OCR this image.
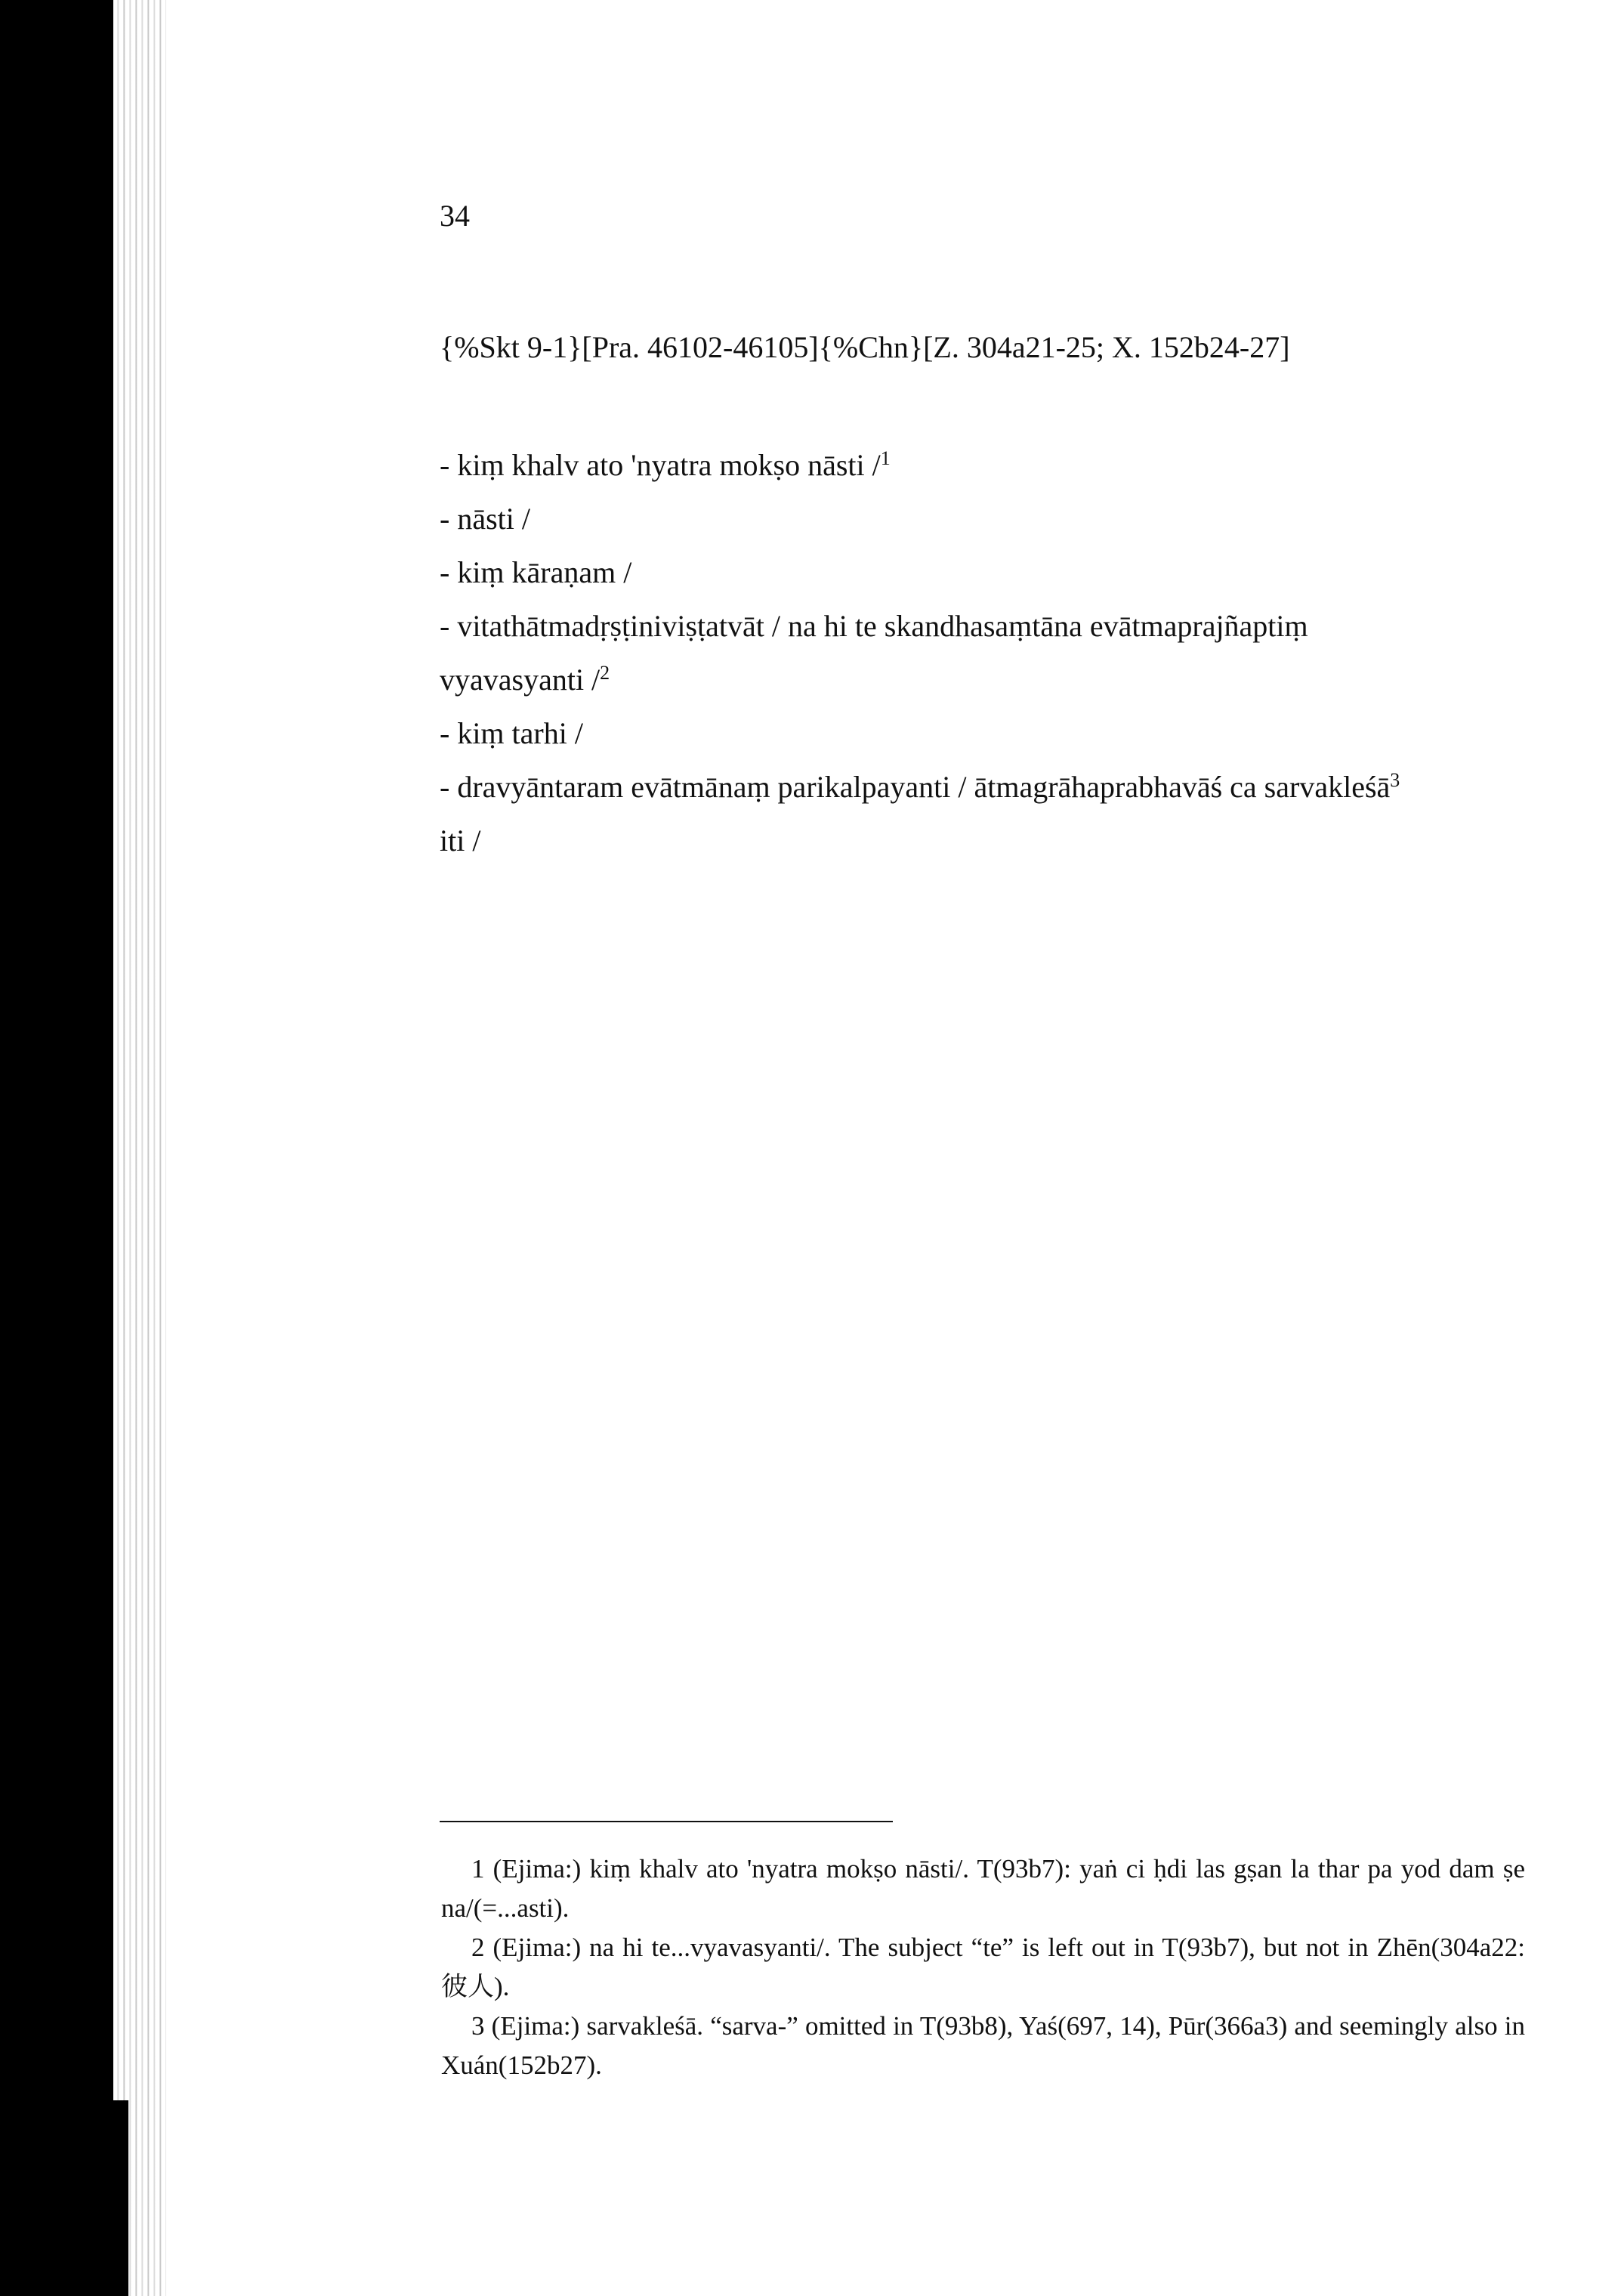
34

{%Skt 9-1}[Pra. 46102-46105]{%Chn}[Z. 304a21-25; X. 152b24-27]

- kiṃ khalv ato 'nyatra mokṣo nāsti /$^1$
- nāsti /
- kiṃ kāraṇam /
- vitathātmadṛṣṭiniviṣṭatvāt / na hi te skandhasaṃtāna evātmaprajñaptiṃ
vyavasyanti /$^2$
- kiṃ tarhi /
- dravyāntaram evātmānaṃ parikalpayanti / ātmagrāhaprabhavāś ca sarvakleśā$^3$
iti /

1 (Ejima:) kiṃ khalv ato 'nyatra mokṣo nāsti/. T(93b7): yaṅ ci ḥdi las gṣan la thar pa yod dam ṣe na/(=...asti).

2 (Ejima:) na hi te...vyavasyanti/. The subject “te” is left out in T(93b7), but not in Zhēn(304a22: 彼人).

3 (Ejima:) sarvakleśā. “sarva-” omitted in T(93b8), Yaś(697, 14), Pūr(366a3) and seemingly also in Xuán(152b27).
